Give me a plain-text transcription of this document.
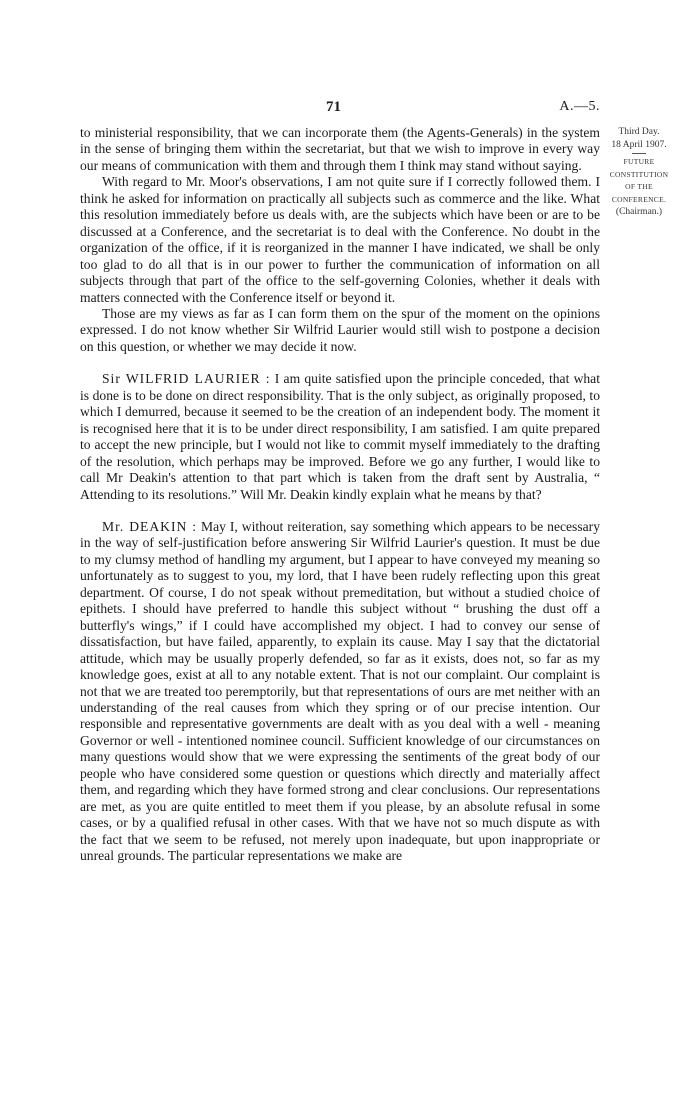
71	A.—5.
Third Day.
18 April 1907.
FUTURE
CONSTITUTION
OF THE
CONFERENCE.
(Chairman.)

to ministerial responsibility, that we can incorporate them (the Agents-Generals) in the system in the sense of bringing them within the secretariat, but that we wish to improve in every way our means of communication with them and through them I think may stand without saying.

With regard to Mr. Moor's observations, I am not quite sure if I correctly followed them. I think he asked for information on practically all subjects such as commerce and the like. What this resolution immediately before us deals with, are the subjects which have been or are to be discussed at a Conference, and the secretariat is to deal with the Conference. No doubt in the organization of the office, if it is reorganized in the manner I have indicated, we shall be only too glad to do all that is in our power to further the communication of information on all subjects through that part of the office to the self-governing Colonies, whether it deals with matters connected with the Conference itself or beyond it.

Those are my views as far as I can form them on the spur of the moment on the opinions expressed. I do not know whether Sir Wilfrid Laurier would still wish to postpone a decision on this question, or whether we may decide it now.

Sir WILFRID LAURIER : I am quite satisfied upon the principle conceded, that what is done is to be done on direct responsibility. That is the only subject, as originally proposed, to which I demurred, because it seemed to be the creation of an independent body. The moment it is recognised here that it is to be under direct responsibility, I am satisfied. I am quite prepared to accept the new principle, but I would not like to commit myself immediately to the drafting of the resolution, which perhaps may be improved. Before we go any further, I would like to call Mr Deakin's attention to that part which is taken from the draft sent by Australia, “ Attending to its resolutions.” Will Mr. Deakin kindly explain what he means by that?

Mr. DEAKIN : May I, without reiteration, say something which appears to be necessary in the way of self-justification before answering Sir Wilfrid Laurier's question. It must be due to my clumsy method of handling my argument, but I appear to have conveyed my meaning so unfortunately as to suggest to you, my lord, that I have been rudely reflecting upon this great department. Of course, I do not speak without premeditation, but without a studied choice of epithets. I should have preferred to handle this subject without “ brushing the dust off a butterfly's wings,” if I could have accomplished my object. I had to convey our sense of dissatisfaction, but have failed, apparently, to explain its cause. May I say that the dictatorial attitude, which may be usually properly defended, so far as it exists, does not, so far as my knowledge goes, exist at all to any notable extent. That is not our complaint. Our complaint is not that we are treated too peremptorily, but that representations of ours are met neither with an understanding of the real causes from which they spring or of our precise intention. Our responsible and representative governments are dealt with as you deal with a well - meaning Governor or well - intentioned nominee council. Sufficient knowledge of our circumstances on many questions would show that we were expressing the sentiments of the great body of our people who have considered some question or questions which directly and materially affect them, and regarding which they have formed strong and clear conclusions. Our representations are met, as you are quite entitled to meet them if you please, by an absolute refusal in some cases, or by a qualified refusal in other cases. With that we have not so much dispute as with the fact that we seem to be refused, not merely upon inadequate, but upon inappropriate or unreal grounds. The particular representations we make are
